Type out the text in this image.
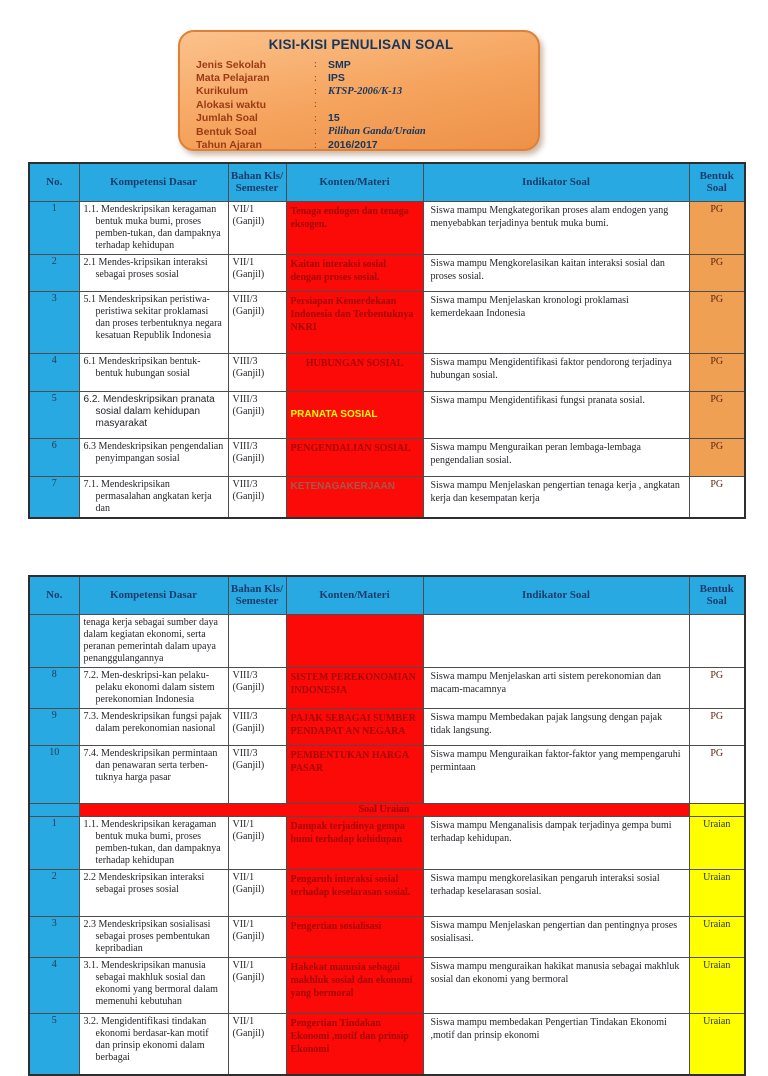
KISI-KISI PENULISAN SOAL
Jenis Sekolah	:	SMP
Mata Pelajaran	:	IPS
Kurikulum	:	KTSP-2006/K-13
Alokasi waktu	:
Jumlah Soal	:	15
Bentuk Soal	:	Pilihan Ganda/Uraian
Tahun Ajaran	:	2016/2017
No.	Kompetensi Dasar	Bahan Kls/ Semester	Konten/Materi	Indikator Soal	Bentuk Soal
1	1.1. Mendeskripsikan keragaman bentuk muka bumi, proses pemben-tukan, dan dampaknya terhadap kehidupan	VII/1 (Ganjil)	Tenaga endogen dan tenaga eksogen.	Siswa mampu Mengkategorikan proses alam endogen yang menyebabkan terjadinya bentuk muka bumi.	PG
2	2.1 Mendes-kripsikan interaksi sebagai proses sosial	VII/1 (Ganjil)	Kaitan interaksi sosial dengan proses sosial.	Siswa mampu Mengkorelasikan kaitan interaksi sosial dan proses sosial.	PG
3	5.1 Mendeskripsikan peristiwa-peristiwa sekitar proklamasi dan proses terbentuknya negara kesatuan Republik Indonesia	VIII/3 (Ganjil)	Persiapan Kemerdekaan Indonesia dan Terbentuknya NKRI	Siswa mampu Menjelaskan kronologi proklamasi kemerdekaan Indonesia	PG
4	6.1 Mendeskripsikan bentuk-bentuk hubungan sosial	VIII/3 (Ganjil)	HUBUNGAN SOSIAL	Siswa mampu Mengidentifikasi faktor pendorong terjadinya hubungan sosial.	PG
5	6.2. Mendeskripsikan pranata sosial dalam kehidupan masyarakat	VIII/3 (Ganjil)	PRANATA SOSIAL	Siswa mampu Mengidentifikasi fungsi pranata sosial.	PG
6	6.3 Mendeskripsikan pengendalian penyimpangan sosial	VIII/3 (Ganjil)	PENGENDALIAN SOSIAL	Siswa mampu Menguraikan peran lembaga-lembaga pengendalian sosial.	PG
7	7.1. Mendeskripsikan permasalahan angkatan kerja dan	VIII/3 (Ganjil)	KETENAGAKERJAAN	Siswa mampu Menjelaskan pengertian tenaga kerja , angkatan kerja dan kesempatan kerja	PG
No.	Kompetensi Dasar	Bahan Kls/ Semester	Konten/Materi	Indikator Soal	Bentuk Soal
	tenaga kerja sebagai sumber daya dalam kegiatan ekonomi, serta peranan pemerintah dalam upaya penanggulangannya				
8	7.2. Men-deskripsi-kan pelaku-pelaku ekonomi dalam sistem perekonomian Indonesia	VIII/3 (Ganjil)	SISTEM PEREKONOMIAN INDONESIA	Siswa mampu Menjelaskan arti sistem perekonomian dan macam-macamnya	PG
9	7.3. Mendeskripsikan fungsi pajak dalam perekonomian nasional	VIII/3 (Ganjil)	PAJAK SEBAGAI SUMBER PENDAPAT AN NEGARA	Siswa mampu Membedakan pajak langsung dengan pajak tidak langsung.	PG
10	7.4. Mendeskripsikan permintaan dan penawaran serta terben-tuknya harga pasar	VIII/3 (Ganjil)	PEMBENTUKAN HARGA PASAR	Siswa mampu Menguraikan faktor-faktor yang mempengaruhi permintaan	PG
	Soal Uraian				
1	1.1. Mendeskripsikan keragaman bentuk muka bumi, proses pemben-tukan, dan dampaknya terhadap kehidupan	VII/1 (Ganjil)	Dampak terjadinya gempa bumi terhadap kehidupan	Siswa mampu Menganalisis dampak terjadinya gempa bumi terhadap kehidupan.	Uraian
2	2.2 Mendeskripsikan interaksi sebagai proses sosial	VII/1 (Ganjil)	Pengaruh interaksi sosial terhadap keselarasan sosial.	Siswa mampu mengkorelasikan pengaruh interaksi sosial terhadap keselarasan sosial.	Uraian
3	2.3 Mendeskripsikan sosialisasi sebagai proses pembentukan kepribadian	VII/1 (Ganjil)	Pengertian sosialisasi	Siswa mampu Menjelaskan pengertian dan pentingnya proses sosialisasi.	Uraian
4	3.1. Mendeskripsikan manusia sebagai makhluk sosial dan ekonomi yang bermoral dalam memenuhi kebutuhan	VII/1 (Ganjil)	Hakekat manusia sebagai makhluk sosial dan ekonomi yang bermoral	Siswa mampu menguraikan hakikat manusia sebagai makhluk sosial dan ekonomi yang bermoral	Uraian
5	3.2. Mengidentifikasi tindakan ekonomi berdasar-kan motif dan prinsip ekonomi dalam berbagai	VII/1 (Ganjil)	Pengertian Tindakan Ekonomi ,motif dan prinsip Ekonomi	Siswa mampu membedakan Pengertian Tindakan Ekonomi ,motif dan prinsip ekonomi	Uraian
